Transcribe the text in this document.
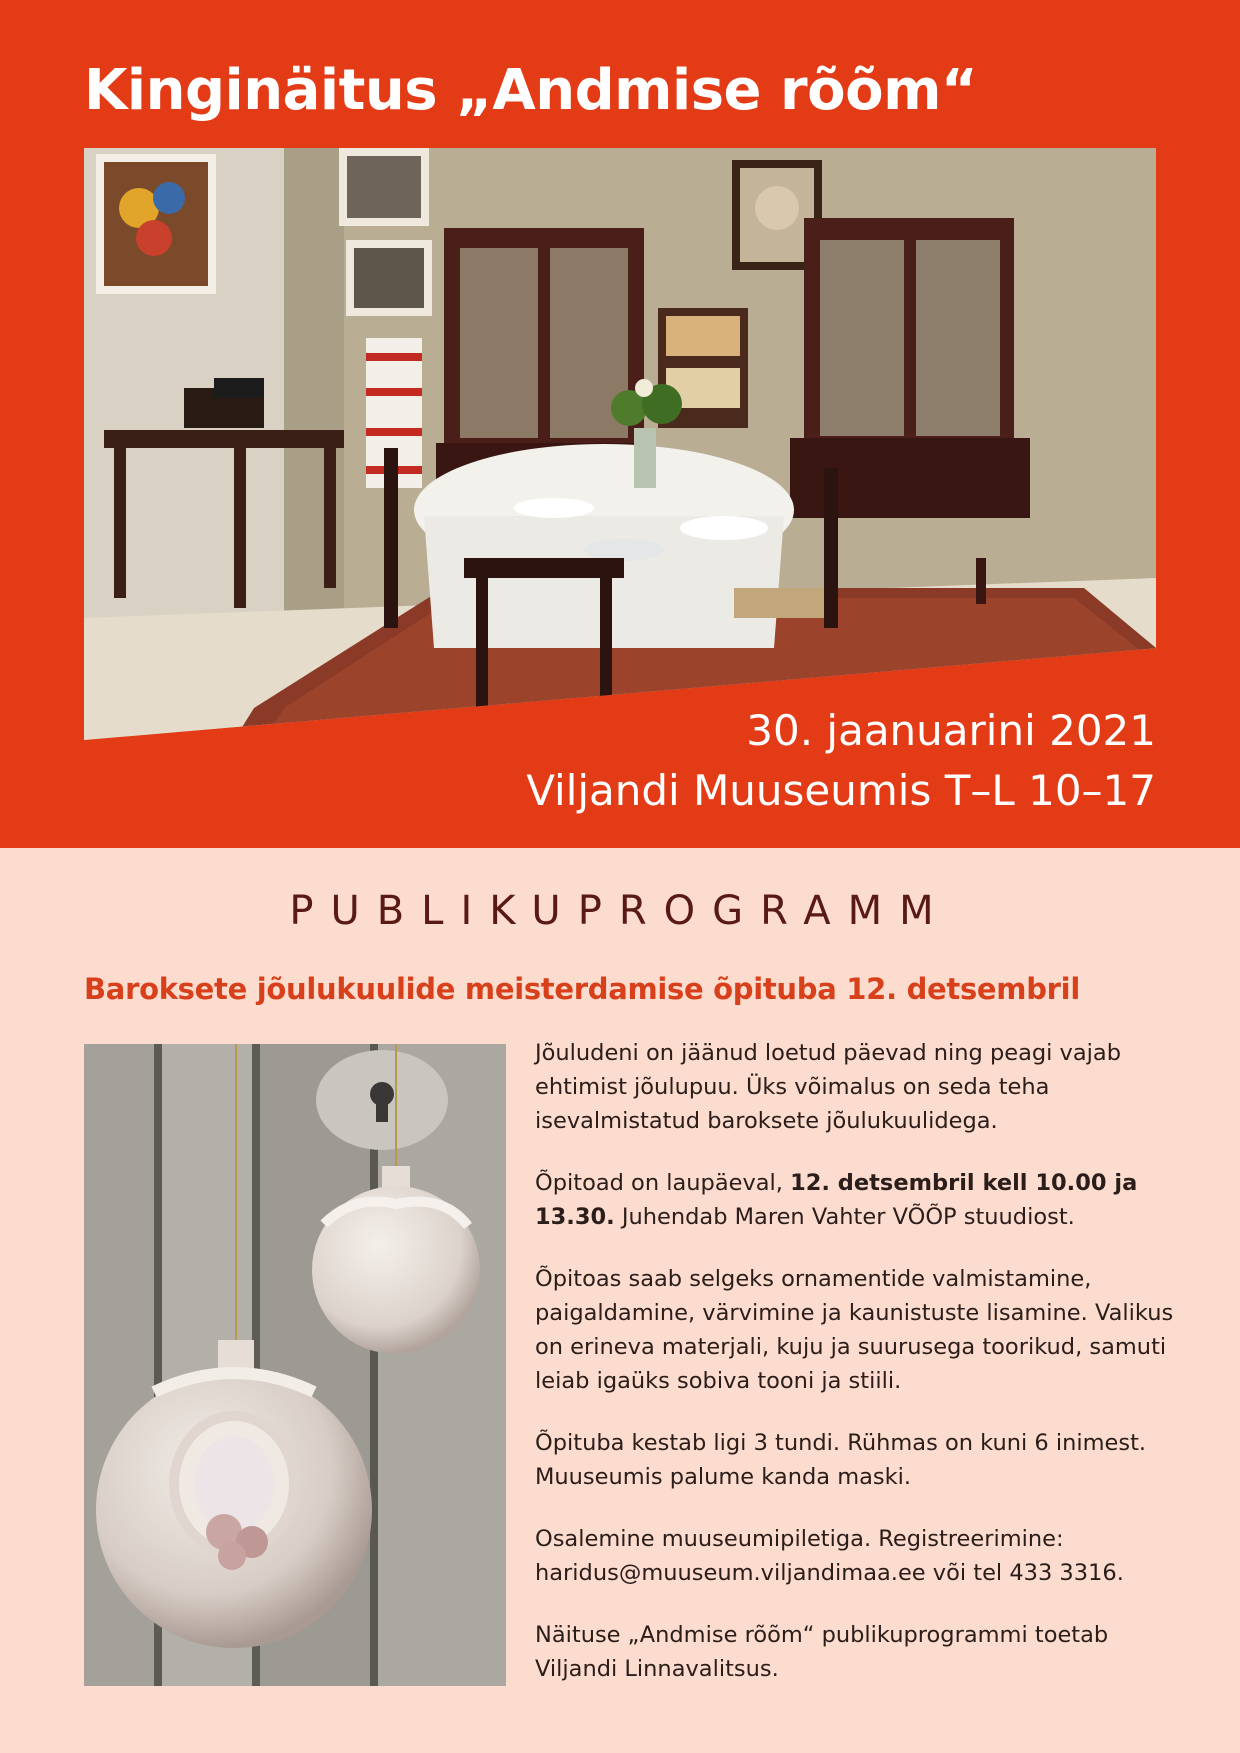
Kinginäitus „Andmise rõõm“

30. jaanuarini 2021

Viljandi Muuseumis T–L 10–17

PUBLIKUPROGRAMM
Baroksete jõulukuulide meisterdamise õpituba 12. detsembril

Jõuludeni on jäänud loetud päevad ning peagi vajab ehtimist jõulupuu. Üks võimalus on seda teha isevalmistatud baroksete jõulukuulidega.

Õpitoad on laupäeval, 12. detsembril kell 10.00 ja 13.30. Juhendab Maren Vahter VÕÕP stuudiost.

Õpitoas saab selgeks ornamentide valmistamine, paigaldamine, värvimine ja kaunistuste lisamine. Valikus on erineva materjali, kuju ja suurusega toorikud, samuti leiab igaüks sobiva tooni ja stiili.

Õpituba kestab ligi 3 tundi. Rühmas on kuni 6 inimest. Muuseumis palume kanda maski.

Osalemine muuseumipiletiga. Registreerimine: haridus@muuseum.viljandimaa.ee või tel 433 3316.

Näituse „Andmise rõõm“ publikuprogrammi toetab Viljandi Linnavalitsus.
